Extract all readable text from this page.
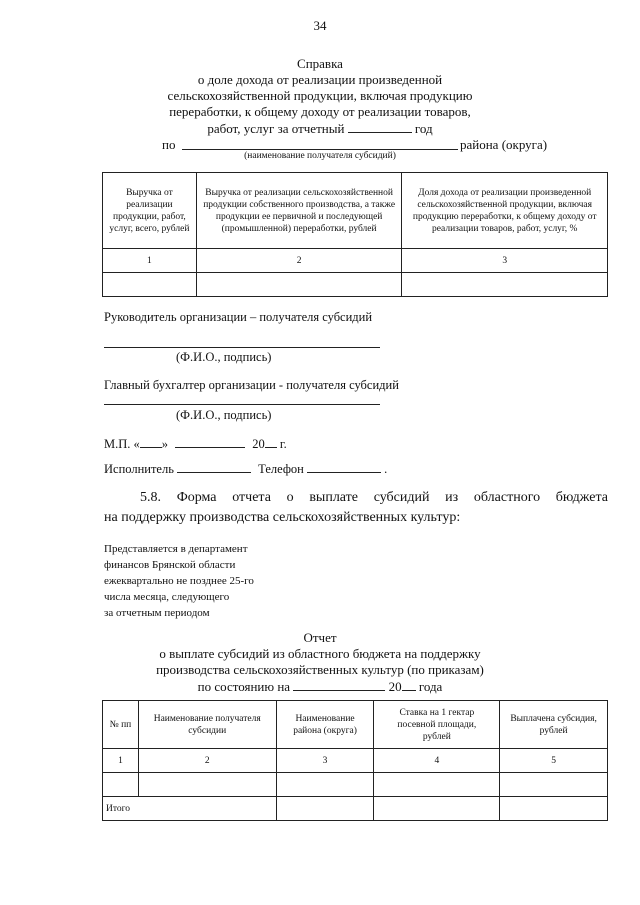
34
Справка
о доле дохода от реализации произведенной
сельскохозяйственной продукции, включая продукцию
переработки, к общему доходу от реализации товаров,
работ, услуг за отчетный	год
по	района (округа)
(наименование получателя субсидий)
Выручка от реализации продукции, работ, услуг, всего, рублей	Выручка от реализации сельскохозяйственной продукции собственного производства, а также продукции ее первичной и последующей (промышленной) переработки, рублей	Доля дохода от реализации произведенной сельскохозяйственной продукции, включая продукцию переработки, к общему доходу от реализации товаров, работ, услуг, %
1	2	3

Руководитель организации – получателя субсидий
(Ф.И.О., подпись)
Главный бухгалтер организации - получателя субсидий
(Ф.И.О., подпись)
М.П. « »	20 г.
Исполнитель	Телефон	.
5.8. Форма отчета о выплате субсидий из областного бюджета
на поддержку производства сельскохозяйственных культур:
Представляется в департамент
финансов Брянской области
ежеквартально не позднее 25-го
числа месяца, следующего
за отчетным периодом
Отчет
о выплате субсидий из областного бюджета на поддержку
производства сельскохозяйственных культур (по приказам)
по состоянию на	20 года
№ пп	Наименование получателя субсидии	Наименование района (округа)	Ставка на 1 гектар посевной площади, рублей	Выплачена субсидия, рублей
1	2	3	4	5

Итого				
